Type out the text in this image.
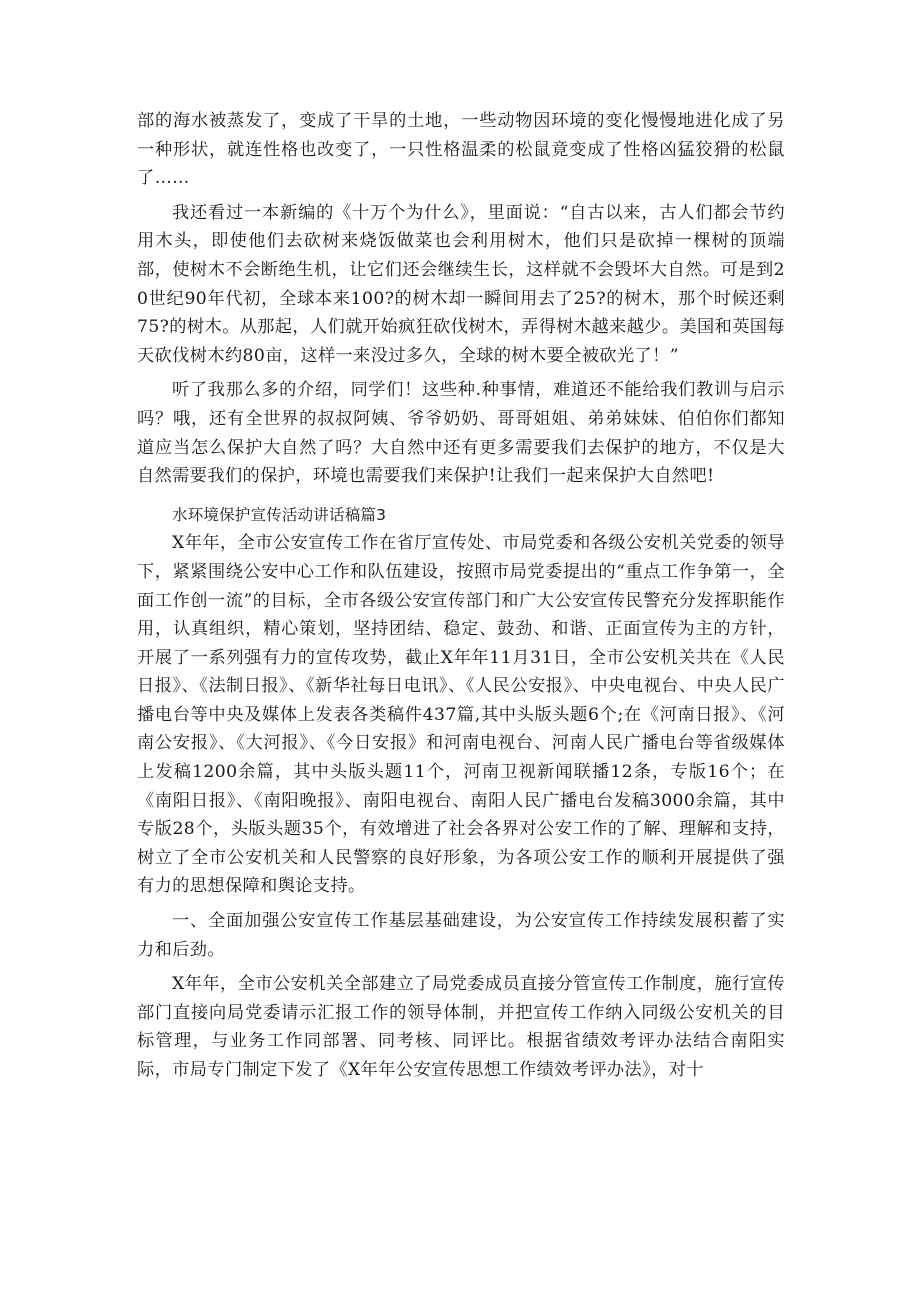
部的海水被蒸发了，变成了干旱的土地，一些动物因环境的变化慢慢地进化成了另一种形状，就连性格也改变了，一只性格温柔的松鼠竟变成了性格凶猛狡猾的松鼠了……

我还看过一本新编的《十万个为什么》，里面说：“自古以来，古人们都会节约用木头，即使他们去砍树来烧饭做菜也会利用树木，他们只是砍掉一棵树的顶端部，使树木不会断绝生机，让它们还会继续生长，这样就不会毁坏大自然。可是到20世纪90年代初，全球本来100?的树木却一瞬间用去了25?的树木，那个时候还剩75?的树木。从那起，人们就开始疯狂砍伐树木，弄得树木越来越少。美国和英国每天砍伐树木约80亩，这样一来没过多久，全球的树木要全被砍光了！”

听了我那么多的介绍，同学们！这些种.种事情，难道还不能给我们教训与启示吗？哦，还有全世界的叔叔阿姨、爷爷奶奶、哥哥姐姐、弟弟妹妹、伯伯你们都知道应当怎么保护大自然了吗？大自然中还有更多需要我们去保护的地方，不仅是大自然需要我们的保护，环境也需要我们来保护!让我们一起来保护大自然吧!

水环境保护宣传活动讲话稿篇3

X年年，全市公安宣传工作在省厅宣传处、市局党委和各级公安机关党委的领导下，紧紧围绕公安中心工作和队伍建设，按照市局党委提出的“重点工作争第一，全面工作创一流”的目标，全市各级公安宣传部门和广大公安宣传民警充分发挥职能作用，认真组织，精心策划，坚持团结、稳定、鼓劲、和谐、正面宣传为主的方针，开展了一系列强有力的宣传攻势，截止X年年11月31日，全市公安机关共在《人民日报》、《法制日报》、《新华社每日电讯》、《人民公安报》、中央电视台、中央人民广播电台等中央及媒体上发表各类稿件437篇,其中头版头题6个;在《河南日报》、《河南公安报》、《大河报》、《今日安报》和河南电视台、河南人民广播电台等省级媒体上发稿1200余篇，其中头版头题11个，河南卫视新闻联播12条，专版16个；在《南阳日报》、《南阳晚报》、南阳电视台、南阳人民广播电台发稿3000余篇，其中专版28个，头版头题35个，有效增进了社会各界对公安工作的了解、理解和支持，树立了全市公安机关和人民警察的良好形象，为各项公安工作的顺利开展提供了强有力的思想保障和舆论支持。

一、全面加强公安宣传工作基层基础建设，为公安宣传工作持续发展积蓄了实力和后劲。

X年年，全市公安机关全部建立了局党委成员直接分管宣传工作制度，施行宣传部门直接向局党委请示汇报工作的领导体制，并把宣传工作纳入同级公安机关的目标管理，与业务工作同部署、同考核、同评比。根据省绩效考评办法结合南阳实际，市局专门制定下发了《X年年公安宣传思想工作绩效考评办法》，对十
